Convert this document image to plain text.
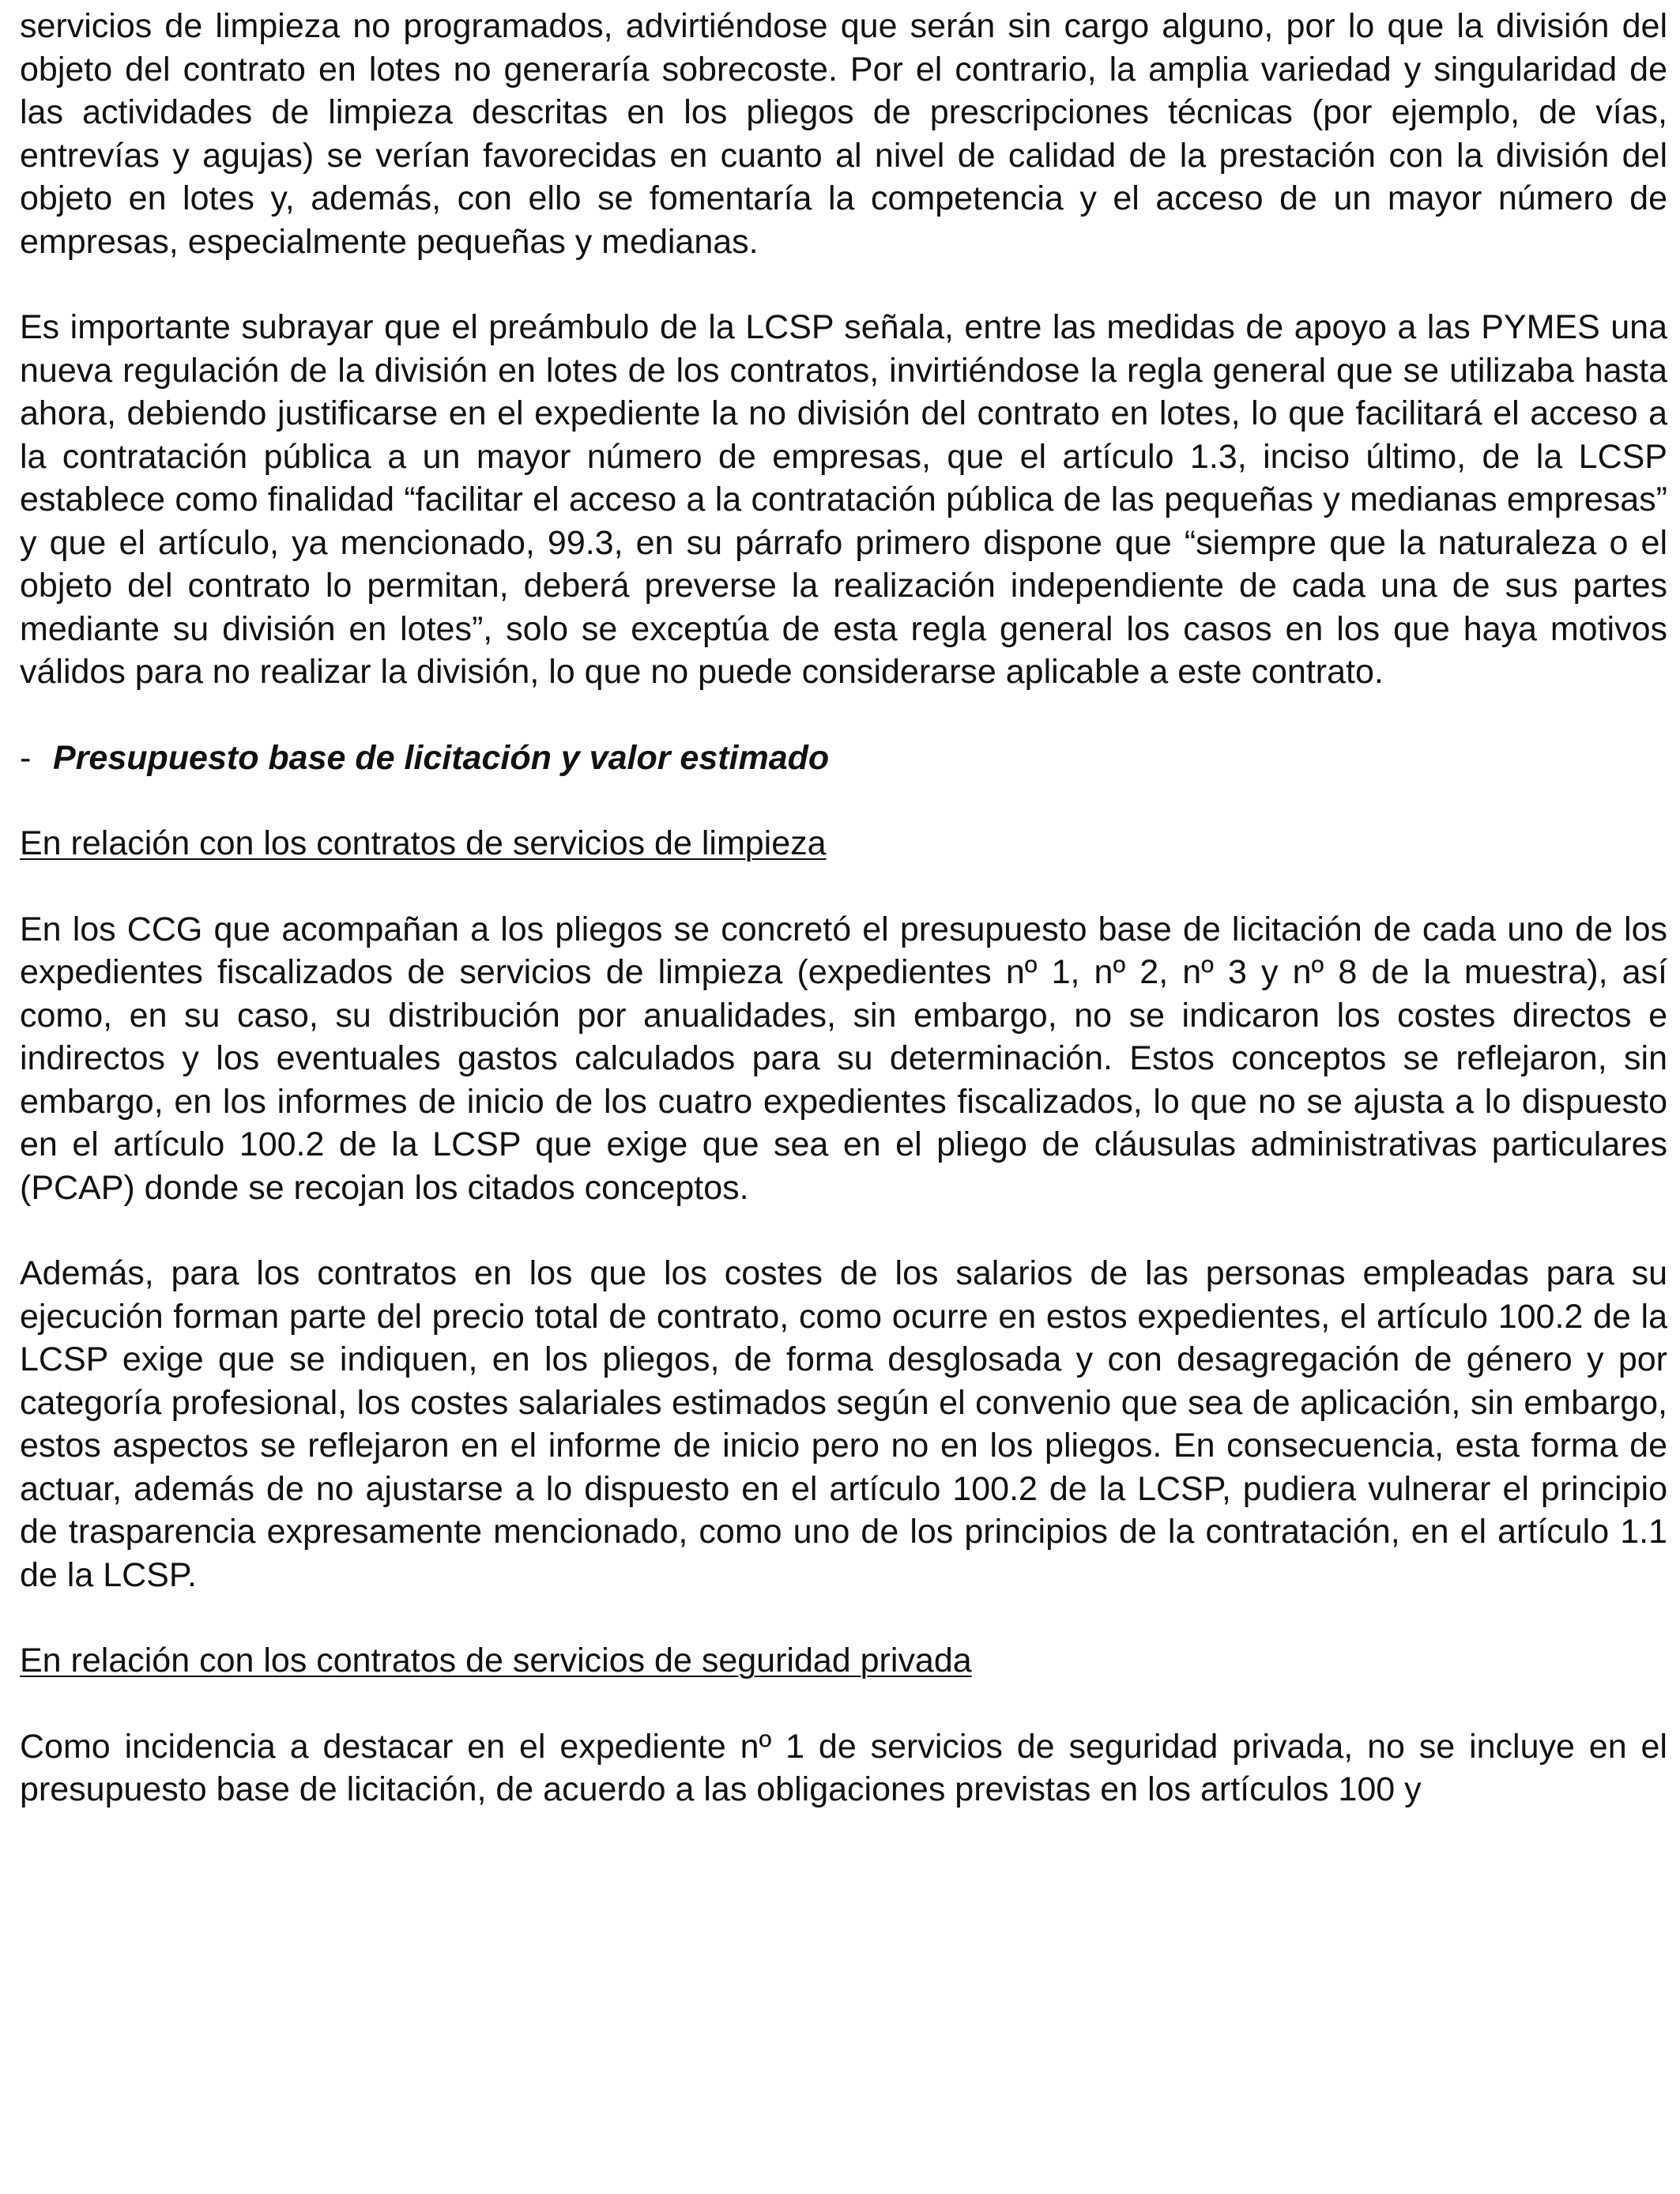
servicios de limpieza no programados, advirtiéndose que serán sin cargo alguno, por lo que la división del objeto del contrato en lotes no generaría sobrecoste. Por el contrario, la amplia variedad y singularidad de las actividades de limpieza descritas en los pliegos de prescripciones técnicas (por ejemplo, de vías, entrevías y agujas) se verían favorecidas en cuanto al nivel de calidad de la prestación con la división del objeto en lotes y, además, con ello se fomentaría la competencia y el acceso de un mayor número de empresas, especialmente pequeñas y medianas.

Es importante subrayar que el preámbulo de la LCSP señala, entre las medidas de apoyo a las PYMES una nueva regulación de la división en lotes de los contratos, invirtiéndose la regla general que se utilizaba hasta ahora, debiendo justificarse en el expediente la no división del contrato en lotes, lo que facilitará el acceso a la contratación pública a un mayor número de empresas, que el artículo 1.3, inciso último, de la LCSP establece como finalidad “facilitar el acceso a la contratación pública de las pequeñas y medianas empresas” y que el artículo, ya mencionado, 99.3, en su párrafo primero dispone que “siempre que la naturaleza o el objeto del contrato lo permitan, deberá preverse la realización independiente de cada una de sus partes mediante su división en lotes”, solo se exceptúa de esta regla general los casos en los que haya motivos válidos para no realizar la división, lo que no puede considerarse aplicable a este contrato.

- Presupuesto base de licitación y valor estimado
En relación con los contratos de servicios de limpieza

En los CCG que acompañan a los pliegos se concretó el presupuesto base de licitación de cada uno de los expedientes fiscalizados de servicios de limpieza (expedientes nº 1, nº 2, nº 3 y nº 8 de la muestra), así como, en su caso, su distribución por anualidades, sin embargo, no se indicaron los costes directos e indirectos y los eventuales gastos calculados para su determinación. Estos conceptos se reflejaron, sin embargo, en los informes de inicio de los cuatro expedientes fiscalizados, lo que no se ajusta a lo dispuesto en el artículo 100.2 de la LCSP que exige que sea en el pliego de cláusulas administrativas particulares (PCAP) donde se recojan los citados conceptos.

Además, para los contratos en los que los costes de los salarios de las personas empleadas para su ejecución forman parte del precio total de contrato, como ocurre en estos expedientes, el artículo 100.2 de la LCSP exige que se indiquen, en los pliegos, de forma desglosada y con desagregación de género y por categoría profesional, los costes salariales estimados según el convenio que sea de aplicación, sin embargo, estos aspectos se reflejaron en el informe de inicio pero no en los pliegos. En consecuencia, esta forma de actuar, además de no ajustarse a lo dispuesto en el artículo 100.2 de la LCSP, pudiera vulnerar el principio de trasparencia expresamente mencionado, como uno de los principios de la contratación, en el artículo 1.1 de la LCSP.

En relación con los contratos de servicios de seguridad privada

Como incidencia a destacar en el expediente nº 1 de servicios de seguridad privada, no se incluye en el presupuesto base de licitación, de acuerdo a las obligaciones previstas en los artículos 100 y
